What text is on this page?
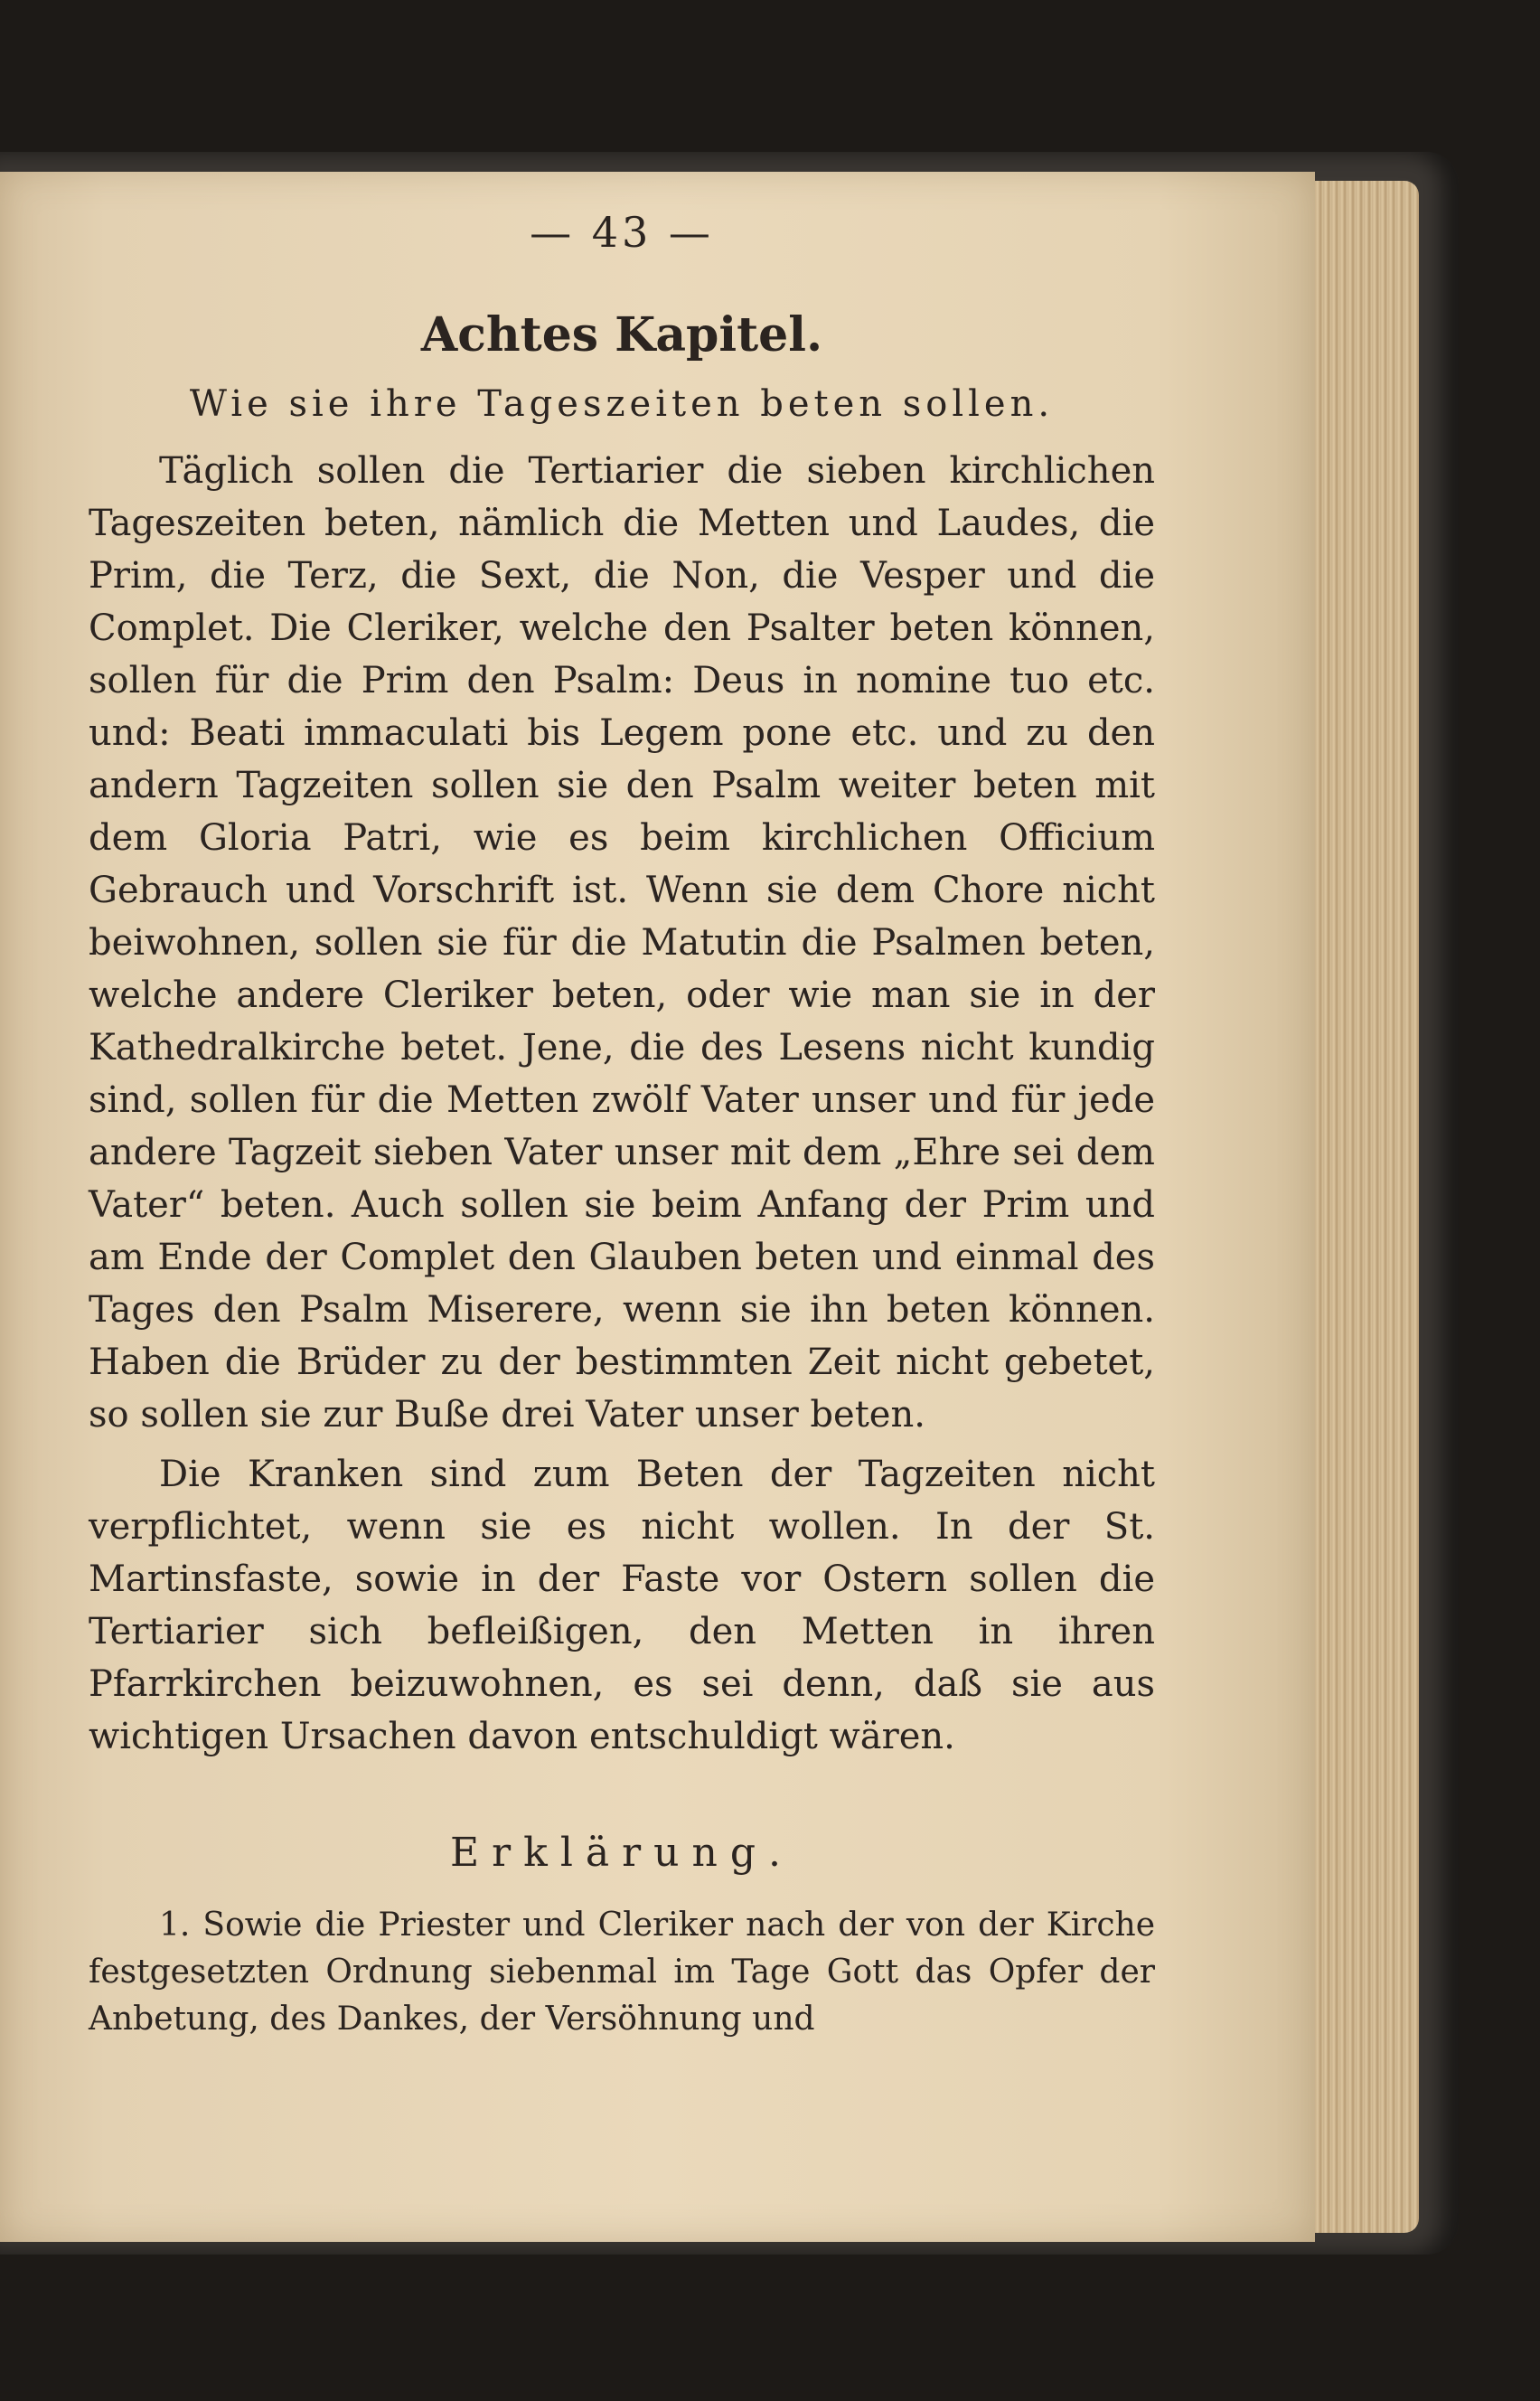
— 43 —
Achtes Kapitel.
Wie sie ihre Tageszeiten beten sollen.

Täglich sollen die Tertiarier die sieben kirchlichen Tageszeiten beten, nämlich die Metten und Laudes, die Prim, die Terz, die Sext, die Non, die Vesper und die Complet. Die Cleriker, welche den Psalter beten können, sollen für die Prim den Psalm: Deus in nomine tuo etc. und: Beati immaculati bis Legem pone etc. und zu den andern Tagzeiten sollen sie den Psalm weiter beten mit dem Gloria Patri, wie es beim kirchlichen Officium Gebrauch und Vorschrift ist. Wenn sie dem Chore nicht beiwohnen, sollen sie für die Matutin die Psalmen beten, welche andere Cleriker beten, oder wie man sie in der Kathedralkirche betet. Jene, die des Lesens nicht kundig sind, sollen für die Metten zwölf Vater unser und für jede andere Tagzeit sieben Vater unser mit dem „Ehre sei dem Vater“ beten. Auch sollen sie beim Anfang der Prim und am Ende der Complet den Glauben beten und einmal des Tages den Psalm Miserere, wenn sie ihn beten können. Haben die Brüder zu der bestimmten Zeit nicht gebetet, so sollen sie zur Buße drei Vater unser beten.

Die Kranken sind zum Beten der Tagzeiten nicht verpflichtet, wenn sie es nicht wollen. In der St. Martinsfaste, sowie in der Faste vor Ostern sollen die Tertiarier sich befleißigen, den Metten in ihren Pfarrkirchen beizuwohnen, es sei denn, daß sie aus wichtigen Ursachen davon entschuldigt wären.

Erklärung.

1. Sowie die Priester und Cleriker nach der von der Kirche festgesetzten Ordnung siebenmal im Tage Gott das Opfer der Anbetung, des Dankes, der Versöhnung und
